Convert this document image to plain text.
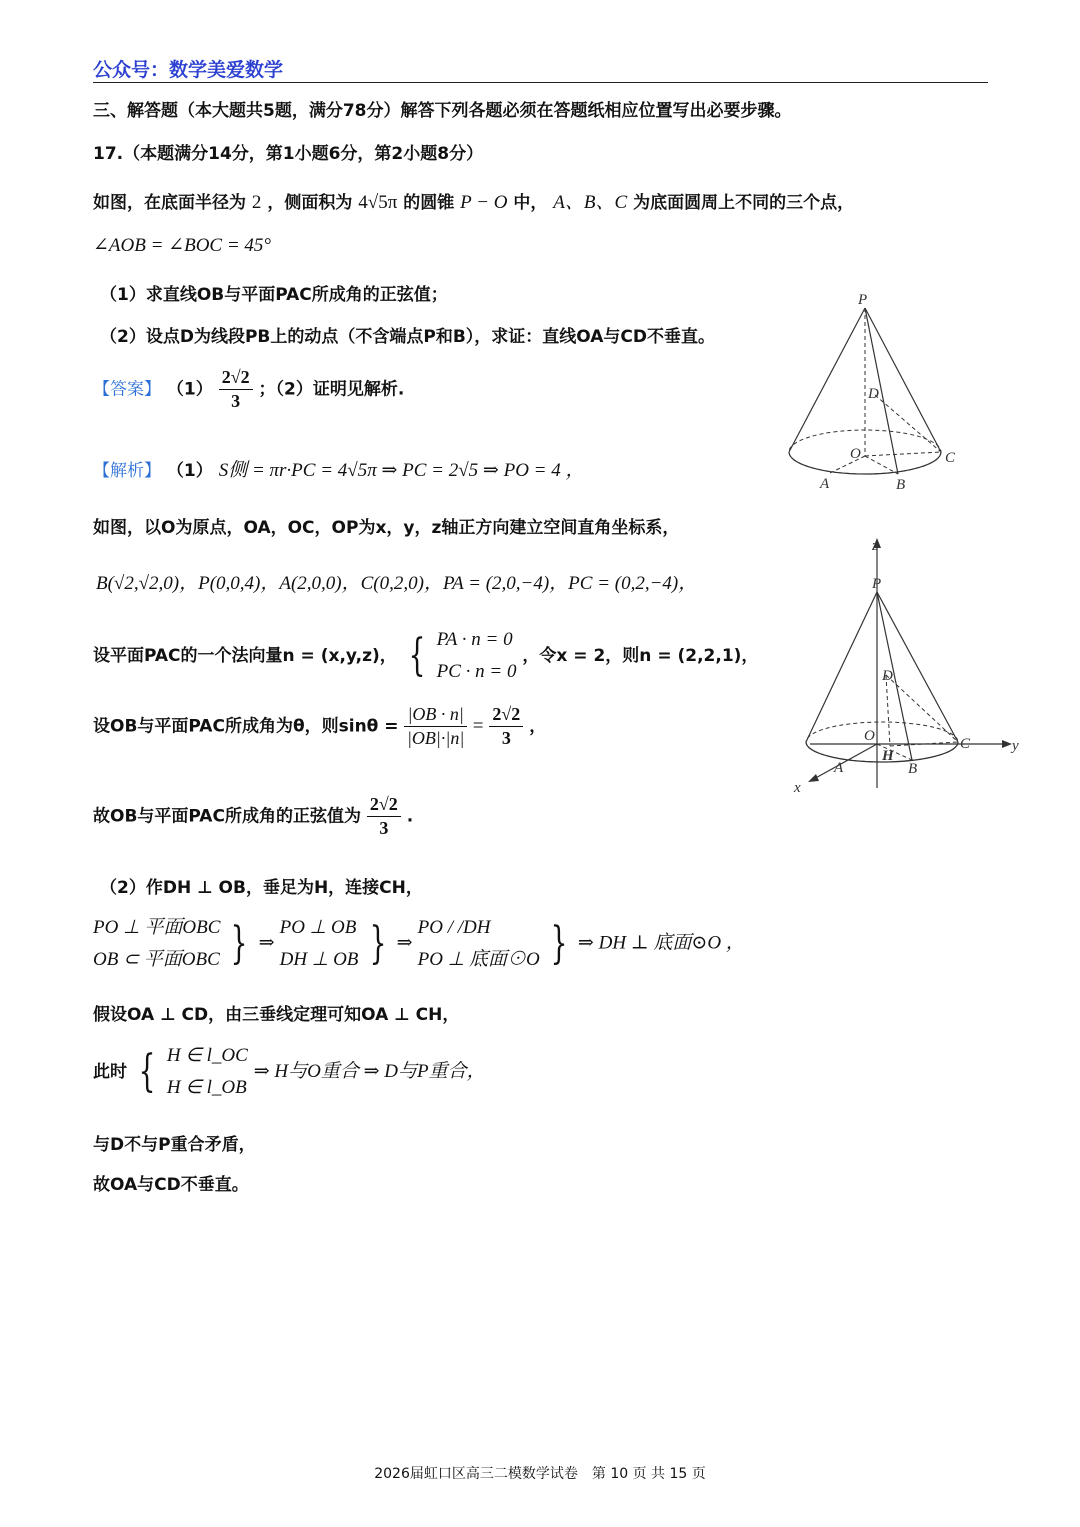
公众号：数学美爱数学
三、解答题（本大题共5题，满分78分）解答下列各题必须在答题纸相应位置写出必要步骤。
17.（本题满分14分，第1小题6分，第2小题8分）
如图，在底面半径为 2 ，侧面积为 4√5π 的圆锥 P − O 中， A、B、C 为底面圆周上不同的三个点，
∠AOB = ∠BOC = 45°
（1）求直线OB与平面PAC所成角的正弦值；
（2）设点D为线段PB上的动点（不含端点P和B），求证：直线OA与CD不垂直。
【答案】 $(1) \frac{2√2}{3}$ ；（2）证明见解析.
【解析】 （1） S侧 = πr·PC = 4√5π ⇒ PC = 2√5 ⇒ PO = 4 ，
如图，以O为原点，OA，OC，OP为x，y，z轴正方向建立空间直角坐标系，
B(√2,√2,0)，P(0,0,4)，A(2,0,0)，C(0,2,0)，PA = (2,0,−4)，PC = (0,2,−4)，
设平面PAC的一个法向量n = (x,y,z)， { PA · n = 0
PC · n = 0
，令x = 2，则n = (2,2,1)，
设OB与平面PAC所成角为θ，则$\sin\theta = \frac{|OB \cdot n|}{|OB|\cdot|n|} = \frac{2√2}{3}$ ，
故OB与平面PAC所成角的正弦值为 $\frac{2√2}{3}$ .
（2）作DH ⊥ OB，垂足为H，连接CH，
PO ⊥ 平面OBC
OB ⊂ 平面OBC } ⇒
PO ⊥ OB
DH ⊥ OB } ⇒
PO / /DH
PO ⊥ 底面⊙O } ⇒ DH ⊥ 底面⊙O ，
假设OA ⊥ CD，由三垂线定理可知OA ⊥ CH，
此时 { H ∈ l_OC
H ∈ l_OB
⇒ H与O重合 ⇒ D与P重合，
与D不与P重合矛盾，
故OA与CD不垂直。
P
D
O
A	B
C
z
P
D
O
H
A	B
C	y
x
2026届虹口区高三二模数学试卷　第 10 页 共 15 页
